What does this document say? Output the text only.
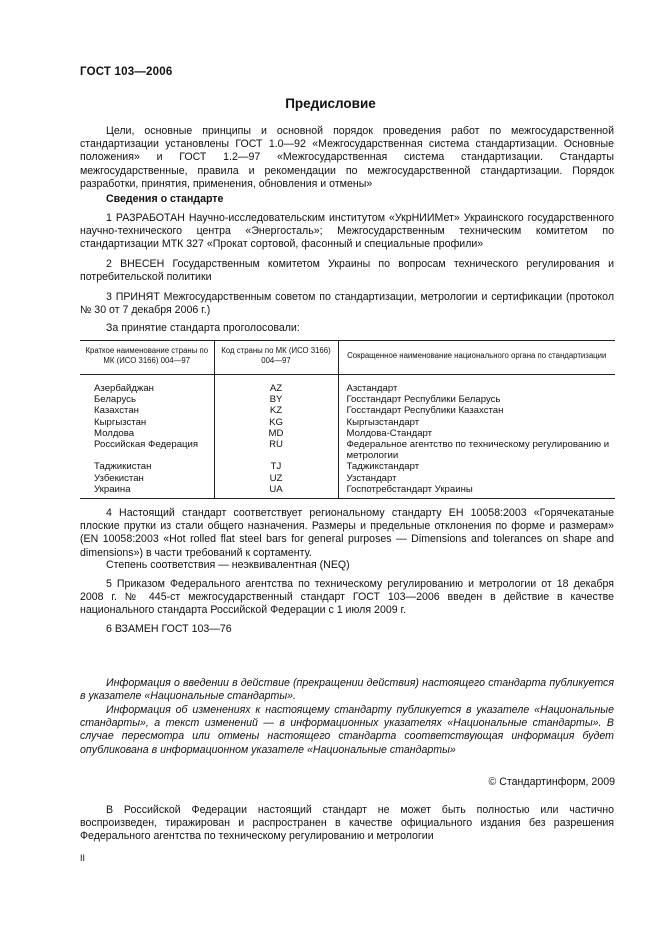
ГОСТ 103—2006
Предисловие

Цели, основные принципы и основной порядок проведения работ по межгосударственной стандартизации установлены ГОСТ 1.0—92 «Межгосударственная система стандартизации. Основные положения» и ГОСТ 1.2—97 «Межгосударственная система стандартизации. Стандарты межгосударственные, правила и рекомендации по межгосударственной стандартизации. Порядок разработки, принятия, применения, обновления и отмены»

Сведения о стандарте

1 РАЗРАБОТАН Научно-исследовательским институтом «УкрНИИМет» Украинского государственного научно-технического центра «Энергосталь»; Межгосударственным техническим комитетом по стандартизации МТК 327 «Прокат сортовой, фасонный и специальные профили»

2 ВНЕСЕН Государственным комитетом Украины по вопросам технического регулирования и потребительской политики

3 ПРИНЯТ Межгосударственным советом по стандартизации, метрологии и сертификации (протокол № 30 от 7 декабря 2006 г.)

За принятие стандарта проголосовали:
Краткое наименование страны по МК (ИСО 3166) 004—97	Код страны по МК (ИСО 3166) 004—97	Сокращенное наименование национального органа по стандартизации
Азербайджан	AZ	Азстандарт
Беларусь	BY	Госстандарт Республики Беларусь
Казахстан	KZ	Госстандарт Республики Казахстан
Кыргызстан	KG	Кыргызстандарт
Молдова	MD	Молдова-Стандарт
Российская Федерация	RU	Федеральное агентство по техническому регулированию и метрологии
Таджикистан	TJ	Таджикстандарт
Узбекистан	UZ	Узстандарт
Украина	UA	Госпотребстандарт Украины

4 Настоящий стандарт соответствует региональному стандарту ЕН 10058:2003 «Горячекатаные плоские прутки из стали общего назначения. Размеры и предельные отклонения по форме и размерам» (EN 10058:2003 «Hot rolled flat steel bars for general purposes — Dimensions and tolerances on shape and dimensions») в части требований к сортаменту.

Степень соответствия — неэквивалентная (NEQ)

5 Приказом Федерального агентства по техническому регулированию и метрологии от 18 декабря 2008 г. № 445-ст межгосударственный стандарт ГОСТ 103—2006 введен в действие в качестве национального стандарта Российской Федерации с 1 июля 2009 г.

6 ВЗАМЕН ГОСТ 103—76

Информация о введении в действие (прекращении действия) настоящего стандарта публикуется в указателе «Национальные стандарты».

Информация об изменениях к настоящему стандарту публикуется в указателе «Национальные стандарты», а текст изменений — в информационных указателях «Национальные стандарты». В случае пересмотра или отмены настоящего стандарта соответствующая информация будет опубликована в информационном указателе «Национальные стандарты»

© Стандартинформ, 2009

В Российской Федерации настоящий стандарт не может быть полностью или частично воспроизведен, тиражирован и распространен в качестве официального издания без разрешения Федерального агентства по техническому регулированию и метрологии

II
